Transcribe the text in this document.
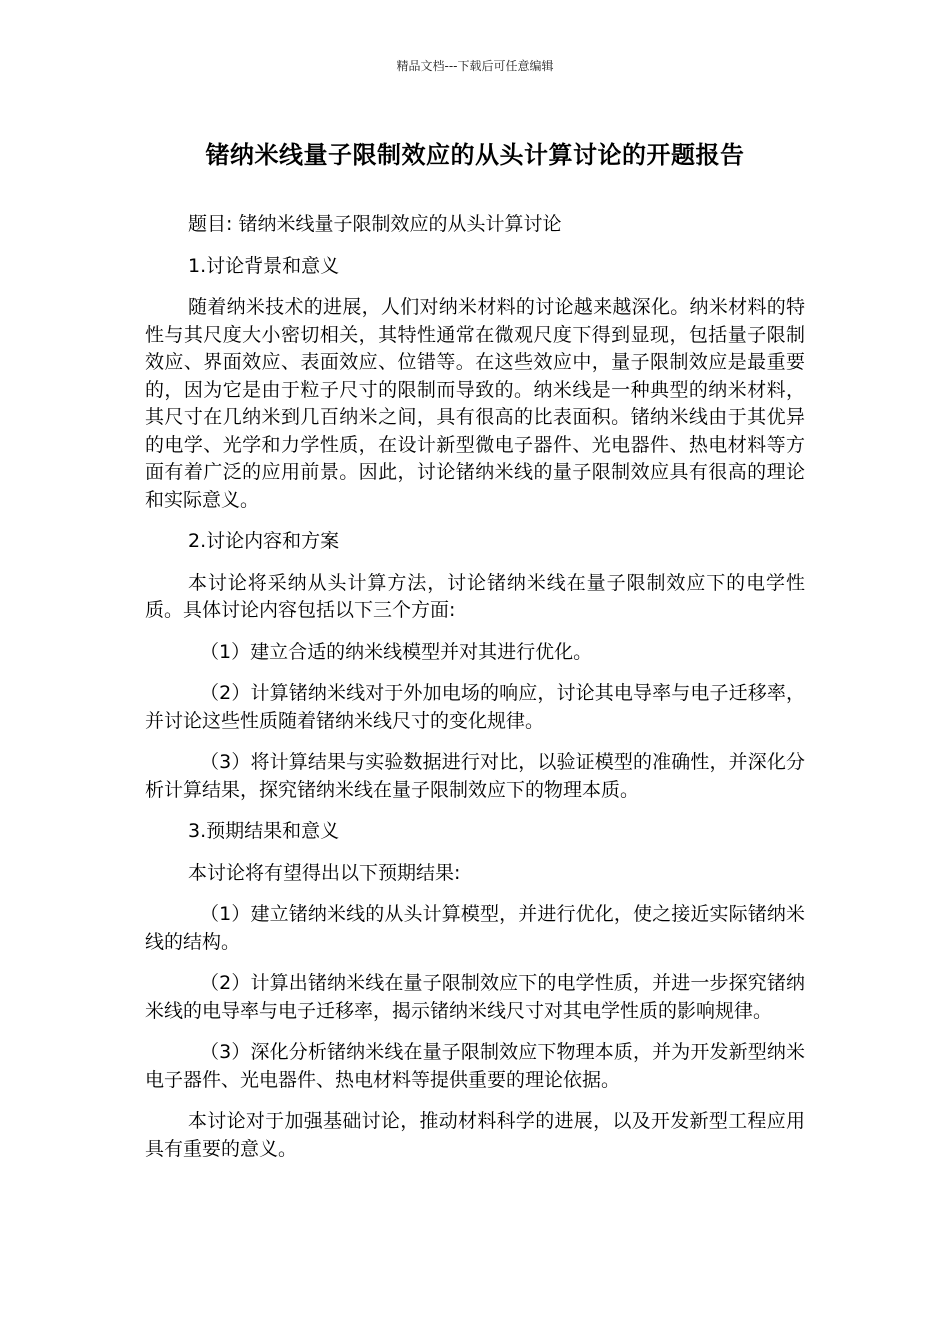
精品文档---下载后可任意编辑
锗纳米线量子限制效应的从头计算讨论的开题报告

题目: 锗纳米线量子限制效应的从头计算讨论

1.讨论背景和意义

随着纳米技术的进展，人们对纳米材料的讨论越来越深化。纳米材料的特性与其尺度大小密切相关，其特性通常在微观尺度下得到显现，包括量子限制效应、界面效应、表面效应、位错等。在这些效应中，量子限制效应是最重要的，因为它是由于粒子尺寸的限制而导致的。纳米线是一种典型的纳米材料，其尺寸在几纳米到几百纳米之间，具有很高的比表面积。锗纳米线由于其优异的电学、光学和力学性质，在设计新型微电子器件、光电器件、热电材料等方面有着广泛的应用前景。因此，讨论锗纳米线的量子限制效应具有很高的理论和实际意义。

2.讨论内容和方案

本讨论将采纳从头计算方法，讨论锗纳米线在量子限制效应下的电学性质。具体讨论内容包括以下三个方面:

（1）建立合适的纳米线模型并对其进行优化。

（2）计算锗纳米线对于外加电场的响应，讨论其电导率与电子迁移率，并讨论这些性质随着锗纳米线尺寸的变化规律。

（3）将计算结果与实验数据进行对比，以验证模型的准确性，并深化分析计算结果，探究锗纳米线在量子限制效应下的物理本质。

3.预期结果和意义

本讨论将有望得出以下预期结果:

（1）建立锗纳米线的从头计算模型，并进行优化，使之接近实际锗纳米线的结构。

（2）计算出锗纳米线在量子限制效应下的电学性质，并进一步探究锗纳米线的电导率与电子迁移率，揭示锗纳米线尺寸对其电学性质的影响规律。

（3）深化分析锗纳米线在量子限制效应下物理本质，并为开发新型纳米电子器件、光电器件、热电材料等提供重要的理论依据。

本讨论对于加强基础讨论，推动材料科学的进展，以及开发新型工程应用具有重要的意义。
